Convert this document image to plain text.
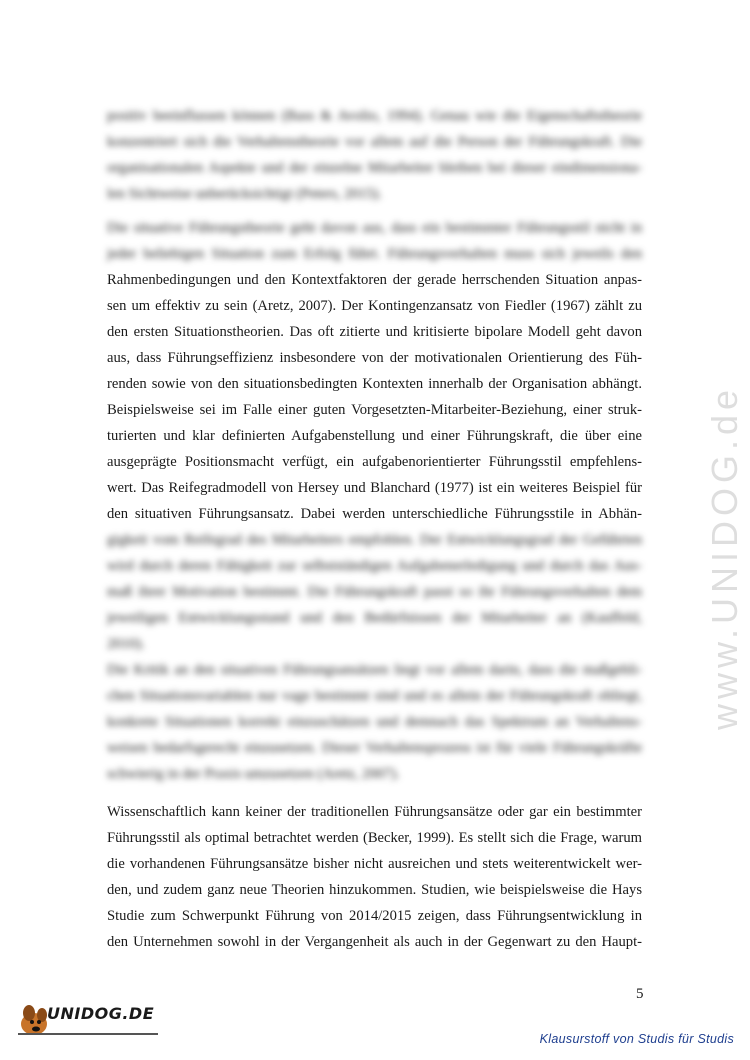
positiv beeinflussen können (Bass & Avolio, 1994). Genau wie die Eigenschaftstheorie
konzentriert sich die Verhaltenstheorie vor allem auf die Person der Führungskraft. Die
organisationalen Aspekte und der einzelne Mitarbeiter bleiben bei dieser eindimensiona-
len Sichtweise unberücksichtigt (Peters, 2015).
Die situative Führungstheorie geht davon aus, dass ein bestimmter Führungsstil nicht in
jeder beliebigen Situation zum Erfolg führt. Führungsverhalten muss sich jeweils den
Rahmenbedingungen und den Kontextfaktoren der gerade herrschenden Situation anpas-
sen um effektiv zu sein (Aretz, 2007). Der Kontingenzansatz von Fiedler (1967) zählt zu
den ersten Situationstheorien. Das oft zitierte und kritisierte bipolare Modell geht davon
aus, dass Führungseffizienz insbesondere von der motivationalen Orientierung des Füh-
renden sowie von den situationsbedingten Kontexten innerhalb der Organisation abhängt.
Beispielsweise sei im Falle einer guten Vorgesetzten-Mitarbeiter-Beziehung, einer struk-
turierten und klar definierten Aufgabenstellung und einer Führungskraft, die über eine
ausgeprägte Positionsmacht verfügt, ein aufgabenorientierter Führungsstil empfehlens-
wert. Das Reifegradmodell von Hersey und Blanchard (1977) ist ein weiteres Beispiel für
den situativen Führungsansatz. Dabei werden unterschiedliche Führungsstile in Abhän-
gigkeit vom Reifegrad des Mitarbeiters empfohlen. Der Entwicklungsgrad der Geführten
wird durch deren Fähigkeit zur selbstständigen Aufgabenerledigung und durch das Aus-
maß ihrer Motivation bestimmt. Die Führungskraft passt so ihr Führungsverhalten dem
jeweiligen Entwicklungsstand und den Bedürfnissen der Mitarbeiter an (Kauffeld,
2010).
Die Kritik an den situativen Führungsansätzen liegt vor allem darin, dass die maßgebli-
chen Situationsvariablen nur vage bestimmt sind und es allein der Führungskraft obliegt,
konkrete Situationen korrekt einzuschätzen und demnach das Spektrum an Verhaltens-
weisen bedarfsgerecht einzusetzen. Dieser Verhaltensprozess ist für viele Führungskräfte
schwierig in der Praxis umzusetzen (Aretz, 2007).
Wissenschaftlich kann keiner der traditionellen Führungsansätze oder gar ein bestimmter
Führungsstil als optimal betrachtet werden (Becker, 1999). Es stellt sich die Frage, warum
die vorhandenen Führungsansätze bisher nicht ausreichen und stets weiterentwickelt wer-
den, und zudem ganz neue Theorien hinzukommen. Studien, wie beispielsweise die Hays
Studie zum Schwerpunkt Führung von 2014/2015 zeigen, dass Führungsentwicklung in
den Unternehmen sowohl in der Vergangenheit als auch in der Gegenwart zu den Haupt-
www.UNIDOG.de
5
UNIDOG.DE
Klausurstoff von Studis für Studis
